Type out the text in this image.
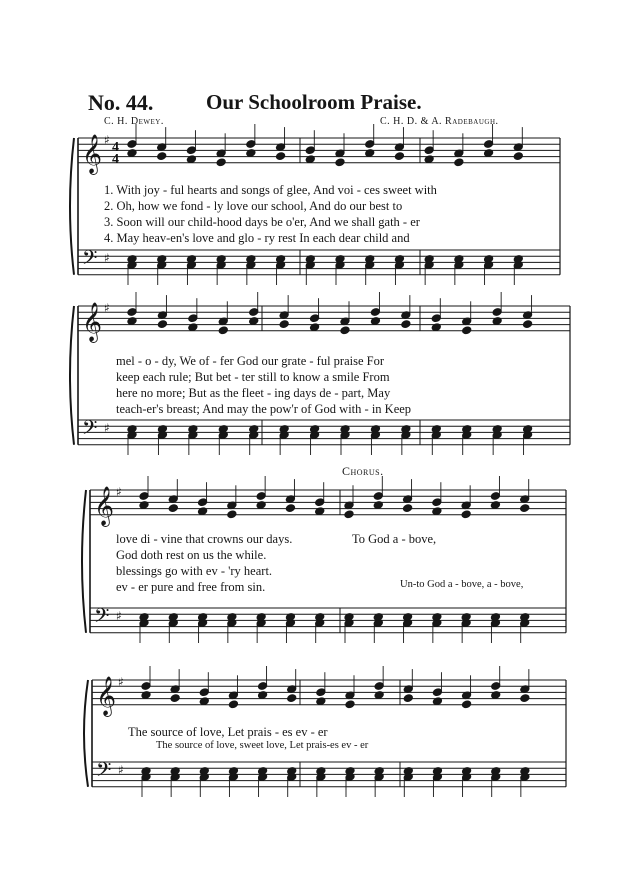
No. 44.	Our Schoolroom Praise.
C. H. Dewey.	C. H. D. & A. Radebaugh.
𝄞
𝄢
♯
♯
4
4
𝄞
𝄢
♯
♯
𝄞
𝄢
♯
♯
𝄞
𝄢
♯
♯
1. With joy - ful hearts and songs of glee, And voi - ces sweet with
2. Oh, how we fond - ly love our school, And do our best to
3. Soon will our child-hood days be o'er, And we shall gath - er
4. May heav-en's love and glo - ry rest In each dear child and
mel - o - dy, We of - fer God our grate - ful praise For
keep each rule; But bet - ter still to know a smile From
here no more; But as the fleet - ing days de - part, May
teach-er's breast; And may the pow'r of God with - in Keep
Chorus.
love di - vine that crowns our days.
God doth rest on us the while.
blessings go with ev - 'ry heart.
ev - er pure and free from sin.
To God a - bove,
Un-to God a - bove, a - bove,
The source of love, Let prais - es ev - er
The source of love, sweet love, Let prais-es ev - er
